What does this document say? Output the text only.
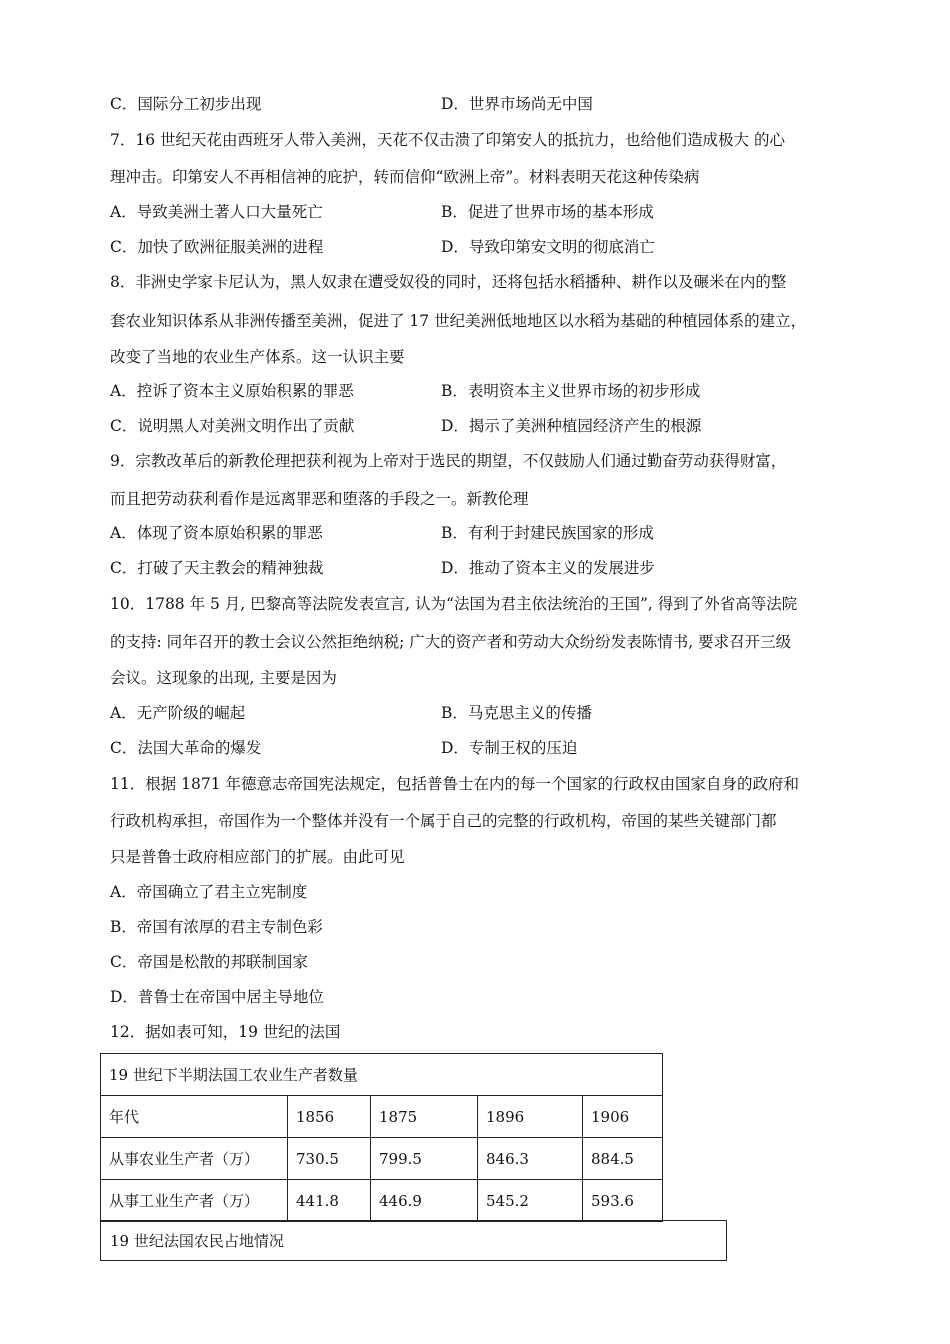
C．国际分工初步出现	D．世界市场尚无中国
7．16 世纪天花由西班牙人带入美洲，天花不仅击溃了印第安人的抵抗力，也给他们造成极大 的心
理冲击。印第安人不再相信神的庇护，转而信仰“欧洲上帝”。材料表明天花这种传染病
A．导致美洲土著人口大量死亡	B．促进了世界市场的基本形成
C．加快了欧洲征服美洲的进程	D．导致印第安文明的彻底消亡
8．非洲史学家卡尼认为，黑人奴隶在遭受奴役的同时，还将包括水稻播种、耕作以及碾米在内的整
套农业知识体系从非洲传播至美洲，促进了 17 世纪美洲低地地区以水稻为基础的种植园体系的建立，
改变了当地的农业生产体系。这一认识主要
A．控诉了资本主义原始积累的罪恶	B．表明资本主义世界市场的初步形成
C．说明黑人对美洲文明作出了贡献	D．揭示了美洲种植园经济产生的根源
9．宗教改革后的新教伦理把获利视为上帝对于选民的期望，不仅鼓励人们通过勤奋劳动获得财富，
而且把劳动获利看作是远离罪恶和堕落的手段之一。新教伦理
A．体现了资本原始积累的罪恶	B．有利于封建民族国家的形成
C．打破了天主教会的精神独裁	D．推动了资本主义的发展进步
10．1788 年 5 月, 巴黎高等法院发表宣言, 认为“法国为君主依法统治的王国”, 得到了外省高等法院
的支持: 同年召开的教士会议公然拒绝纳税; 广大的资产者和劳动大众纷纷发表陈情书, 要求召开三级
会议。这现象的出现, 主要是因为
A．无产阶级的崛起	B．马克思主义的传播
C．法国大革命的爆发	D．专制王权的压迫
11．根据 1871 年德意志帝国宪法规定，包括普鲁士在内的每一个国家的行政权由国家自身的政府和
行政机构承担，帝国作为一个整体并没有一个属于自己的完整的行政机构，帝国的某些关键部门都
只是普鲁士政府相应部门的扩展。由此可见
A．帝国确立了君主立宪制度
B．帝国有浓厚的君主专制色彩
C．帝国是松散的邦联制国家
D．普鲁士在帝国中居主导地位
12．据如表可知，19 世纪的法国
19 世纪下半期法国工农业生产者数量				
年代	1856	1875	1896	1906
从事农业生产者（万）	730.5	799.5	846.3	884.5
从事工业生产者（万）	441.8	446.9	545.2	593.6
19 世纪法国农民占地情况
